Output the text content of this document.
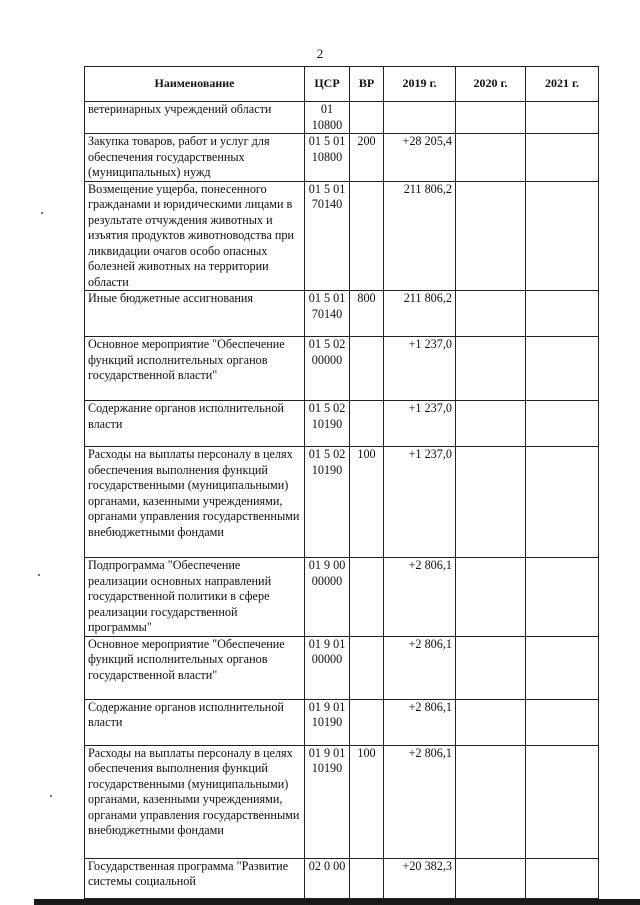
2
Наименование	ЦСР	ВР	2019 г.	2020 г.	2021 г.
ветеринарных учреждений области	01 10800				
Закупка товаров, работ и услуг для обеспечения государственных (муниципальных) нужд	01 5 01 10800	200	+28 205,4		
Возмещение ущерба, понесенного гражданами и юридическими лицами в результате отчуждения животных и изъятия продуктов животноводства при ликвидации очагов особо опасных болезней животных на территории области	01 5 01 70140		211 806,2		
Иные бюджетные ассигнования	01 5 01 70140	800	211 806,2		
Основное мероприятие "Обеспечение функций исполнительных органов государственной власти"	01 5 02 00000		+1 237,0		
Содержание органов исполнительной власти	01 5 02 10190		+1 237,0		
Расходы на выплаты персоналу в целях обеспечения выполнения функций государственными (муниципальными) органами, казенными учреждениями, органами управления государственными внебюджетными фондами	01 5 02 10190	100	+1 237,0		
Подпрограмма "Обеспечение реализации основных направлений государственной политики в сфере реализации государственной программы"	01 9 00 00000		+2 806,1		
Основное мероприятие "Обеспечение функций исполнительных органов государственной власти"	01 9 01 00000		+2 806,1		
Содержание органов исполнительной власти	01 9 01 10190		+2 806,1		
Расходы на выплаты персоналу в целях обеспечения выполнения функций государственными (муниципальными) органами, казенными учреждениями, органами управления государственными внебюджетными фондами	01 9 01 10190	100	+2 806,1		
Государственная программа "Развитие системы социальной	02 0 00		+20 382,3		
